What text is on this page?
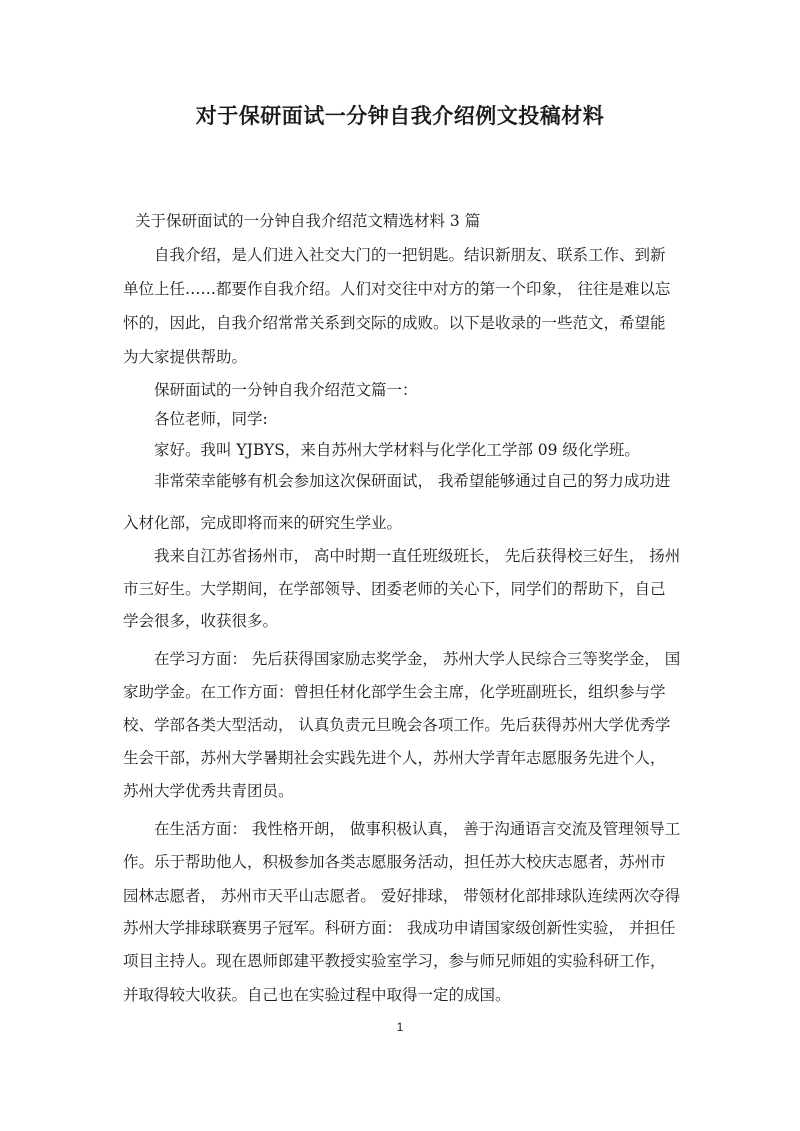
对于保研面试一分钟自我介绍例文投稿材料
关于保研面试的一分钟自我介绍范文精选材料 3 篇
自我介绍，是人们进入社交大门的一把钥匙。结识新朋友、联系工作、到新
单位上任……都要作自我介绍。人们对交往中对方的第一个印象， 往往是难以忘
怀的，因此，自我介绍常常关系到交际的成败。以下是收录的一些范文，希望能
为大家提供帮助。
保研面试的一分钟自我介绍范文篇一：
各位老师，同学:
家好。我叫 YJBYS，来自苏州大学材料与化学化工学部 09 级化学班。
非常荣幸能够有机会参加这次保研面试， 我希望能够通过自己的努力成功进
入材化部，完成即将而来的研究生学业。
我来自江苏省扬州市， 高中时期一直任班级班长， 先后获得校三好生， 扬州
市三好生。大学期间，在学部领导、团委老师的关心下，同学们的帮助下，自己
学会很多，收获很多。
在学习方面： 先后获得国家励志奖学金， 苏州大学人民综合三等奖学金， 国
家助学金。在工作方面：曾担任材化部学生会主席，化学班副班长，组织参与学
校、学部各类大型活动， 认真负责元旦晚会各项工作。先后获得苏州大学优秀学
生会干部，苏州大学暑期社会实践先进个人，苏州大学青年志愿服务先进个人，
苏州大学优秀共青团员。
在生活方面： 我性格开朗， 做事积极认真， 善于沟通语言交流及管理领导工
作。乐于帮助他人，积极参加各类志愿服务活动，担任苏大校庆志愿者，苏州市
园林志愿者， 苏州市天平山志愿者。 爱好排球， 带领材化部排球队连续两次夺得
苏州大学排球联赛男子冠军。科研方面： 我成功申请国家级创新性实验， 并担任
项目主持人。现在恩师郎建平教授实验室学习，参与师兄师姐的实验科研工作，
并取得较大收获。自己也在实验过程中取得一定的成国。
1
